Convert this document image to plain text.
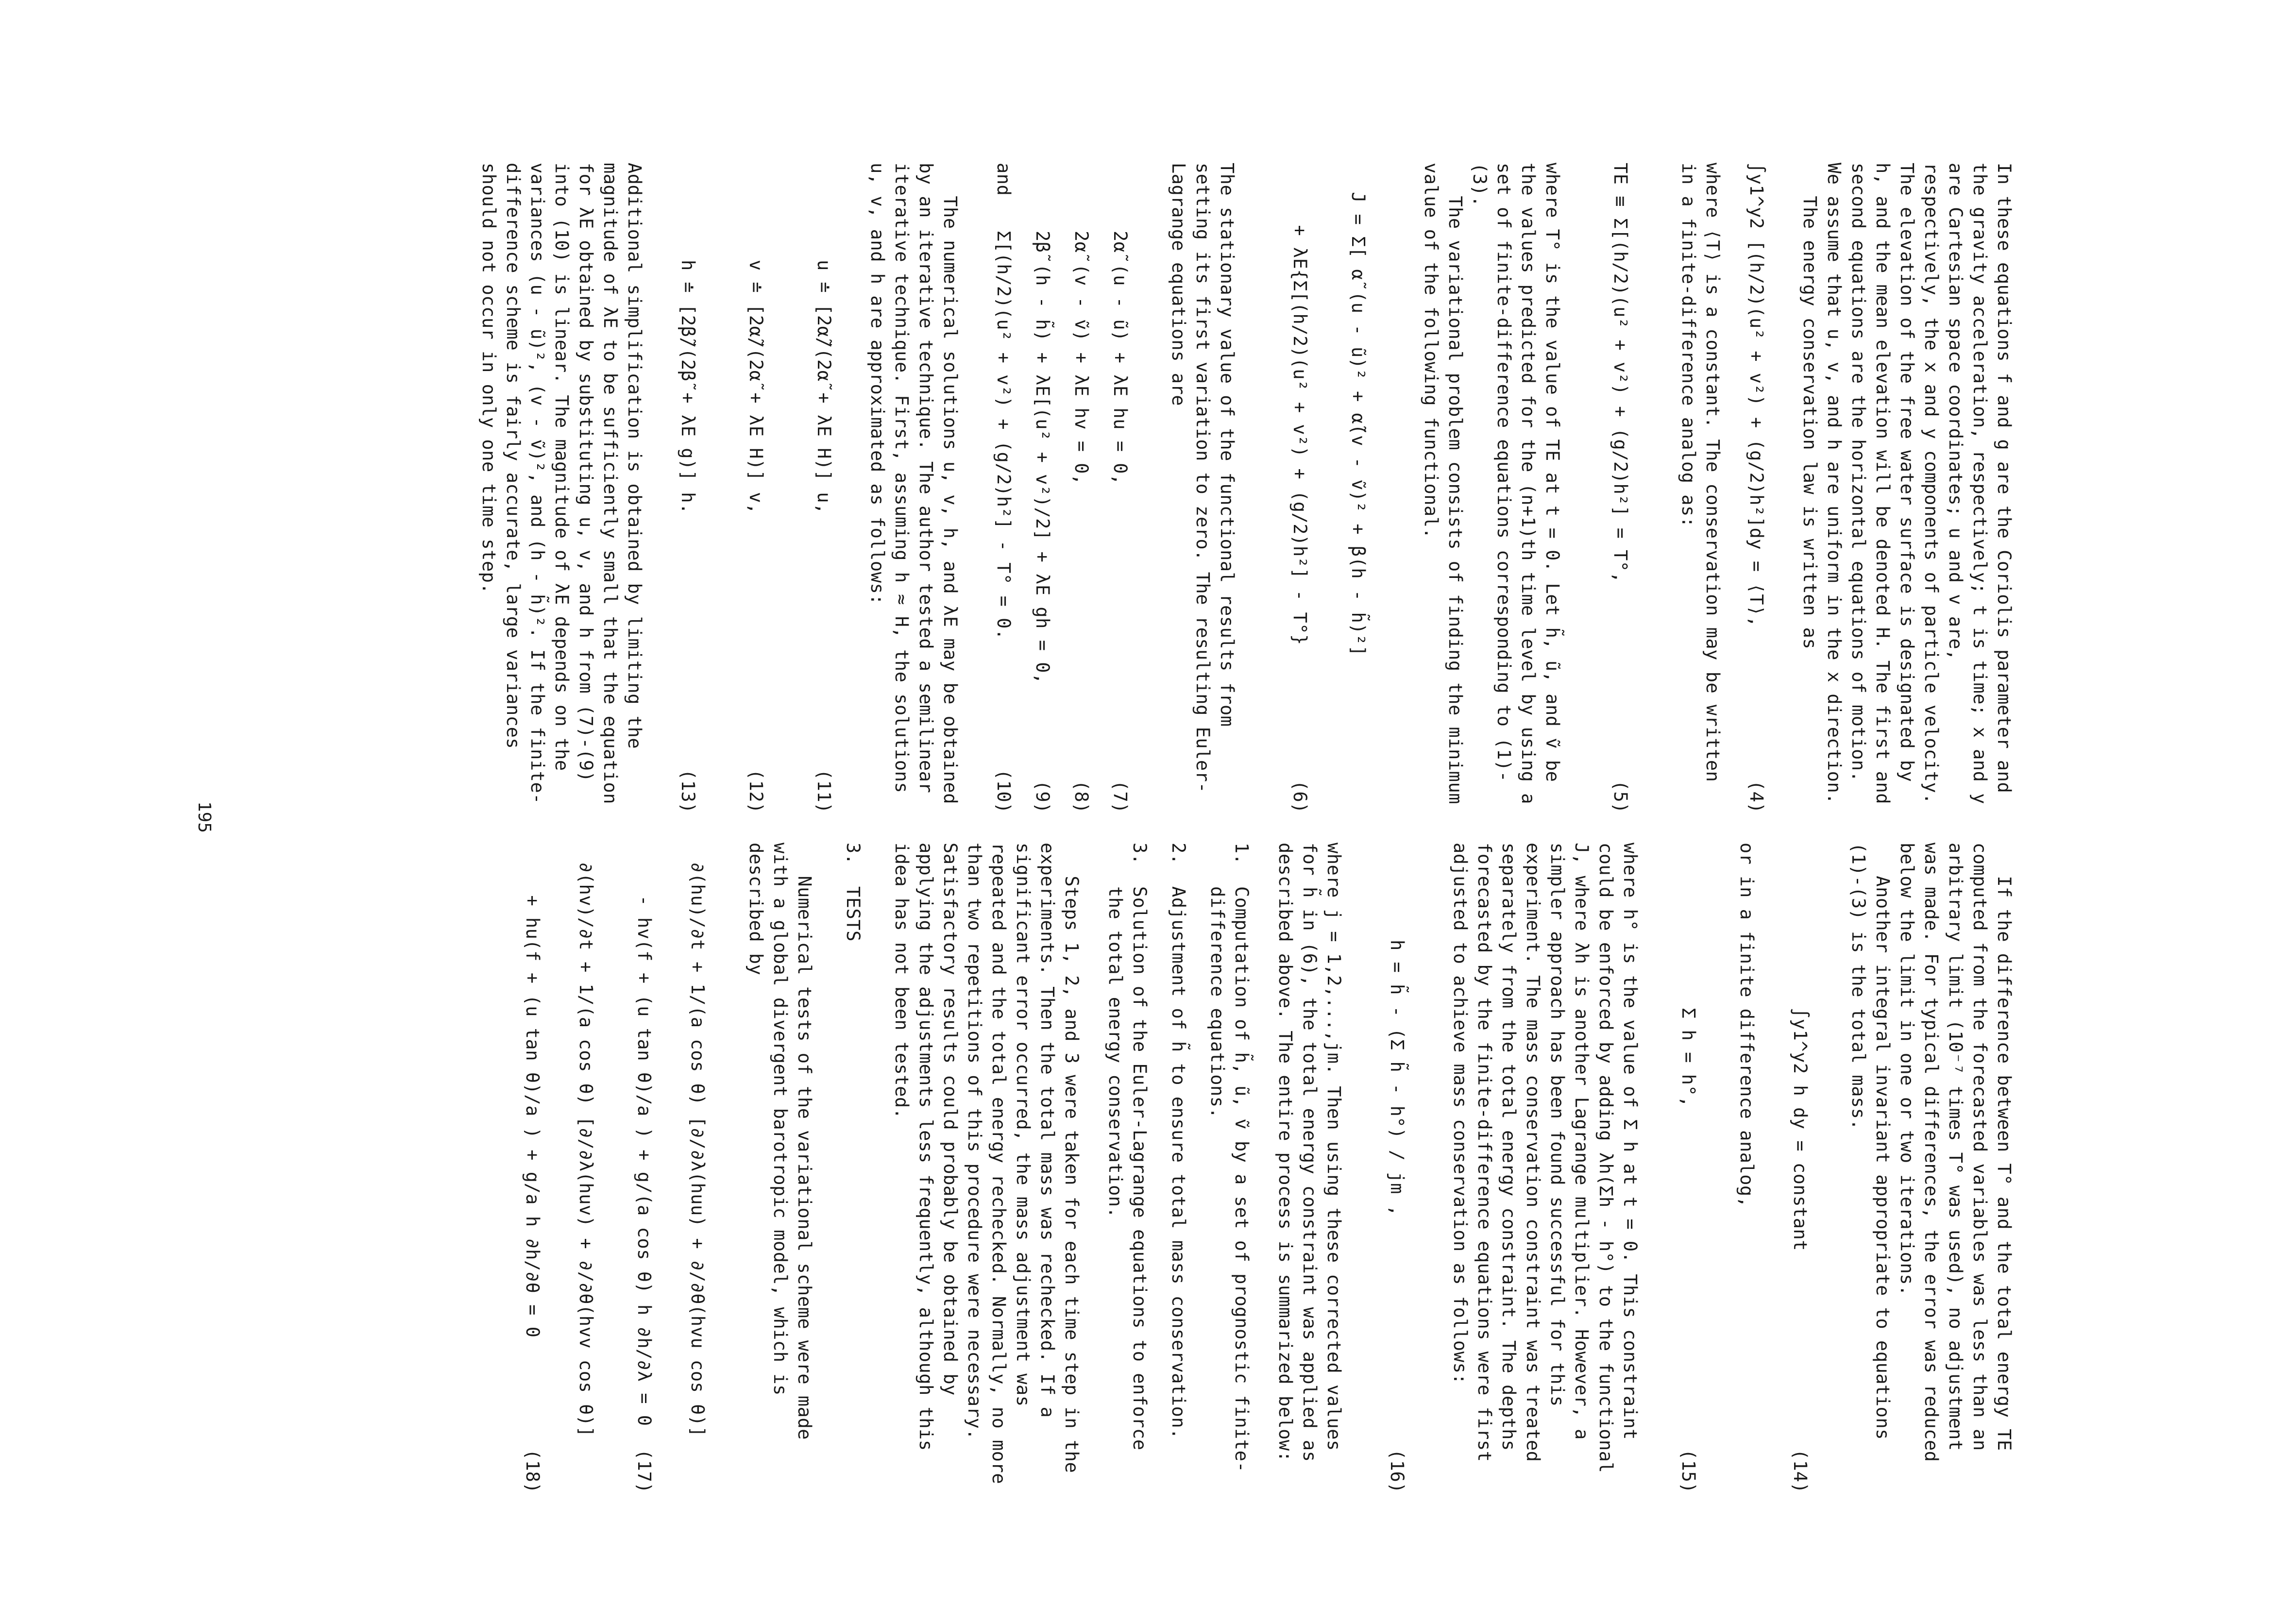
In these equations f and g are the Coriolis parameter and the gravity acceleration, respectively; t is time; x and y are Cartesian space coordinates; u and v are, respectively, the x and y components of particle velocity. The elevation of the free water surface is designated by h, and the mean elevation will be denoted H. The first and second equations are the horizontal equations of motion. We assume that u, v, and h are uniform in the x direction.

The energy conservation law is written as

∫y1^y2 [(h/2)(u² + v²) + (g/2)h²]dy = ⟨T⟩,
(4)

where ⟨T⟩ is a constant. The conservation may be written in a finite-difference analog as:

TE ≡ Σ[(h/2)(u² + v²) + (g/2)h²] = T°,
(5)

where T° is the value of TE at t = 0. Let h̃, ũ, and ṽ be the values predicted for the (n+1)th time level by using a set of finite-difference equations corresponding to (1)-(3).

The variational problem consists of finding the minimum value of the following functional.

J = Σ[ α̃ (u - ũ)² + α̃(v - ṽ)² + β(h - h̃)²]
+ λE{Σ[(h/2)(u² + v²) + (g/2)h²] - T°}
(6)

The stationary value of the functional results from setting its first variation to zero. The resulting Euler-Lagrange equations are

2α̃ (u - ũ) + λE hu = 0,
(7)
2α̃ (v - ṽ) + λE hv = 0,
(8)
2β̃ (h - h̃) + λE[(u² + v²)/2] + λE gh = 0,
(9)
and
Σ[(h/2)(u² + v²) + (g/2)h²] - T° = 0.
(10)

The numerical solutions u, v, h, and λE may be obtained by an iterative technique. The author tested a semilinear iterative technique. First, assuming h ≈ H, the solutions u, v, and h are approximated as follows:

u ≐ [2α̃/(2α̃ + λE H)] u,
(11)
v ≐ [2α̃/(2α̃ + λE H)] v,
(12)
h ≐ [2β̃/(2β̃ + λE g)] h.
(13)

Additional simplification is obtained by limiting the magnitude of λE to be sufficiently small that the equation for λE obtained by substituting u, v, and h from (7)-(9) into (10) is linear. The magnitude of λE depends on the variances (u - ũ)², (v - ṽ)², and (h - h̃)². If the finite-difference scheme is fairly accurate, large variances should not occur in only one time step.

If the difference between T° and the total energy TE computed from the forecasted variables was less than an arbitrary limit (10⁻⁷ times T° was used), no adjustment was made. For typical differences, the error was reduced below the limit in one or two iterations.

Another integral invariant appropriate to equations (1)-(3) is the total mass.

∫y1^y2 h dy = constant
(14)

or in a finite difference analog,

Σ h = h°,
(15)

where h° is the value of Σ h at t = 0. This constraint could be enforced by adding λh(Σh - h°) to the functional J, where λh is another Lagrange multiplier. However, a simpler approach has been found successful for this experiment. The mass conservation constraint was treated separately from the total energy constraint. The depths forecasted by the finite-difference equations were first adjusted to achieve mass conservation as follows:

h = h̃ - (Σ h̃ - h°) / jm ,
(16)

where j = 1,2,...,jm. Then using these corrected values for h̃ in (6), the total energy constraint was applied as described above. The entire process is summarized below:

1.
Computation of h̃, ũ, ṽ by a set of prognostic finite-difference equations.
2.
Adjustment of h̃ to ensure total mass conservation.
3.
Solution of the Euler-Lagrange equations to enforce the total energy conservation.

Steps 1, 2, and 3 were taken for each time step in the experiments. Then the total mass was rechecked. If a significant error occurred, the mass adjustment was repeated and the total energy rechecked. Normally, no more than two repetitions of this procedure were necessary. Satisfactory results could probably be obtained by applying the adjustments less frequently, although this idea has not been tested.

3.
TESTS

Numerical tests of the variational scheme were made with a global divergent barotropic model, which is described by

∂(hu)/∂t + 1/(a cos θ) [∂/∂λ(huu) + ∂/∂θ(hvu cos θ)]
- hv(f + (u tan θ)/a ) + g/(a cos θ) h ∂h/∂λ = 0
(17)
∂(hv)/∂t + 1/(a cos θ) [∂/∂λ(huv) + ∂/∂θ(hvv cos θ)]
+ hu(f + (u tan θ)/a ) + g/a h ∂h/∂θ = 0
(18)
195
